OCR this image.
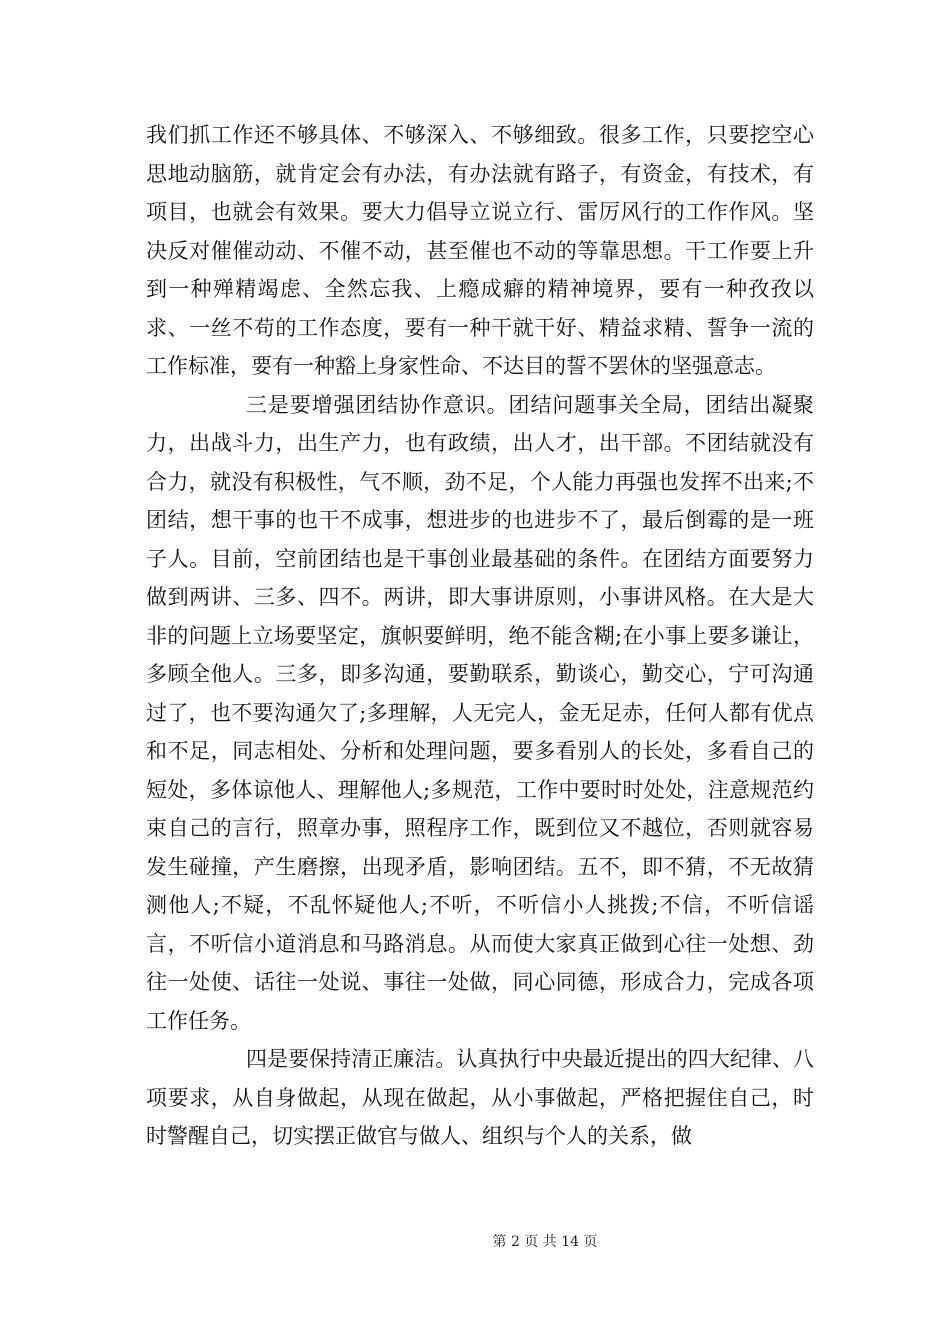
我们抓工作还不够具体、不够深入、不够细致。很多工作，只要挖空心思地动脑筋，就肯定会有办法，有办法就有路子，有资金，有技术，有项目，也就会有效果。要大力倡导立说立行、雷厉风行的工作作风。坚决反对催催动动、不催不动，甚至催也不动的等靠思想。干工作要上升到一种殚精竭虑、全然忘我、上瘾成癖的精神境界，要有一种孜孜以求、一丝不苟的工作态度，要有一种干就干好、精益求精、誓争一流的工作标准，要有一种豁上身家性命、不达目的誓不罢休的坚强意志。

三是要增强团结协作意识。团结问题事关全局，团结出凝聚力，出战斗力，出生产力，也有政绩，出人才，出干部。不团结就没有合力，就没有积极性，气不顺，劲不足，个人能力再强也发挥不出来;不团结，想干事的也干不成事，想进步的也进步不了，最后倒霉的是一班子人。目前，空前团结也是干事创业最基础的条件。在团结方面要努力做到两讲、三多、四不。两讲，即大事讲原则，小事讲风格。在大是大非的问题上立场要坚定，旗帜要鲜明，绝不能含糊;在小事上要多谦让，多顾全他人。三多，即多沟通，要勤联系，勤谈心，勤交心，宁可沟通过了，也不要沟通欠了;多理解，人无完人，金无足赤，任何人都有优点和不足，同志相处、分析和处理问题，要多看别人的长处，多看自己的短处，多体谅他人、理解他人;多规范，工作中要时时处处，注意规范约束自己的言行，照章办事，照程序工作，既到位又不越位，否则就容易发生碰撞，产生磨擦，出现矛盾，影响团结。五不，即不猜，不无故猜测他人;不疑，不乱怀疑他人;不听，不听信小人挑拨;不信，不听信谣言，不听信小道消息和马路消息。从而使大家真正做到心往一处想、劲往一处使、话往一处说、事往一处做，同心同德，形成合力，完成各项工作任务。

四是要保持清正廉洁。认真执行中央最近提出的四大纪律、八项要求，从自身做起，从现在做起，从小事做起，严格把握住自己，时时警醒自己，切实摆正做官与做人、组织与个人的关系，做

第 2 页 共 14 页
